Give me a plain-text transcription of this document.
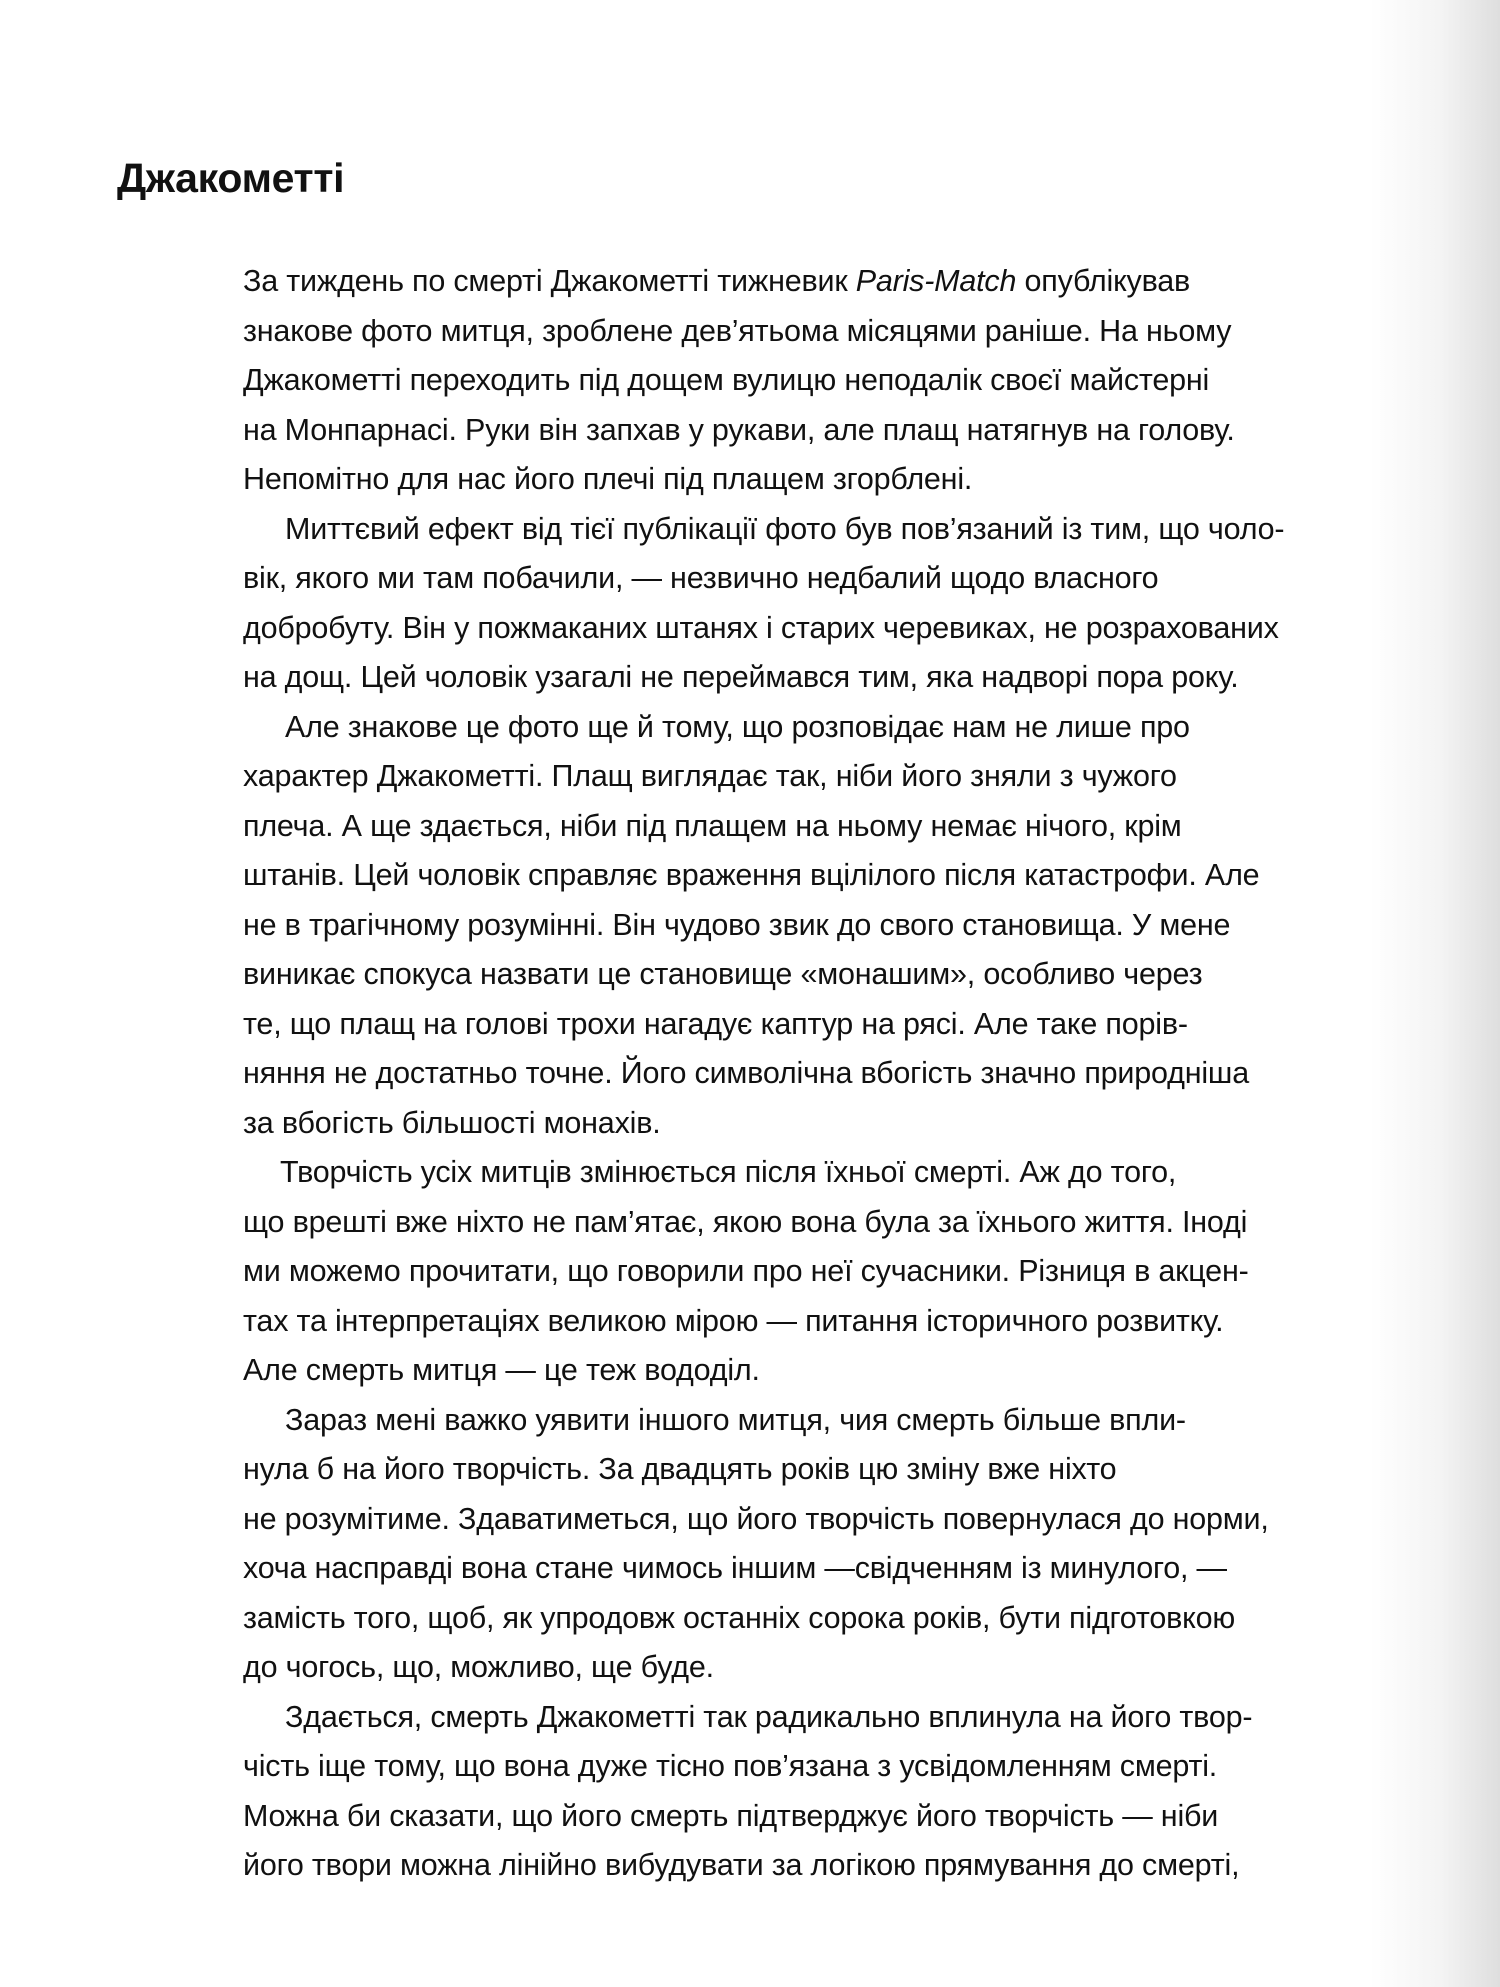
Джакометті
За тиждень по смерті Джакометті тижневик Paris-Match опублікував
знакове фото митця, зроблене дев’ятьома місяцями раніше. На ньому
Джакометті переходить під дощем вулицю неподалік своєї майстерні
на Монпарнасі. Руки він запхав у рукави, але плащ натягнув на голову.
Непомітно для нас його плечі під плащем згорблені.
Миттєвий ефект від тієї публікації фото був пов’язаний із тим, що чоло-
вік, якого ми там побачили, — незвично недбалий щодо власного
добробуту. Він у пожмаканих штанях і старих черевиках, не розрахованих
на дощ. Цей чоловік узагалі не переймався тим, яка надворі пора року.
Але знакове це фото ще й тому, що розповідає нам не лише про
характер Джакометті. Плащ виглядає так, ніби його зняли з чужого
плеча. А ще здається, ніби під плащем на ньому немає нічого, крім
штанів. Цей чоловік справляє враження вцілілого після катастрофи. Але
не в трагічному розумінні. Він чудово звик до свого становища. У мене
виникає спокуса назвати це становище «монашим», особливо через
те, що плащ на голові трохи нагадує каптур на рясі. Але таке порів-
няння не достатньо точне. Його символічна вбогість значно природніша
за вбогість більшості монахів.
Творчість усіх митців змінюється після їхньої смерті. Аж до того,
що врешті вже ніхто не пам’ятає, якою вона була за їхнього життя. Іноді
ми можемо прочитати, що говорили про неї сучасники. Різниця в акцен-
тах та інтерпретаціях великою мірою — питання історичного розвитку.
Але смерть митця — це теж вододіл.
Зараз мені важко уявити іншого митця, чия смерть більше впли-
нула б на його творчість. За двадцять років цю зміну вже ніхто
не розумітиме. Здаватиметься, що його творчість повернулася до норми,
хоча насправді вона стане чимось іншим —свідченням із минулого, —
замість того, щоб, як упродовж останніх сорока років, бути підготовкою
до чогось, що, можливо, ще буде.
Здається, смерть Джакометті так радикально вплинула на його твор-
чість іще тому, що вона дуже тісно пов’язана з усвідомленням смерті.
Можна би сказати, що його смерть підтверджує його творчість — ніби
його твори можна лінійно вибудувати за логікою прямування до смерті,
